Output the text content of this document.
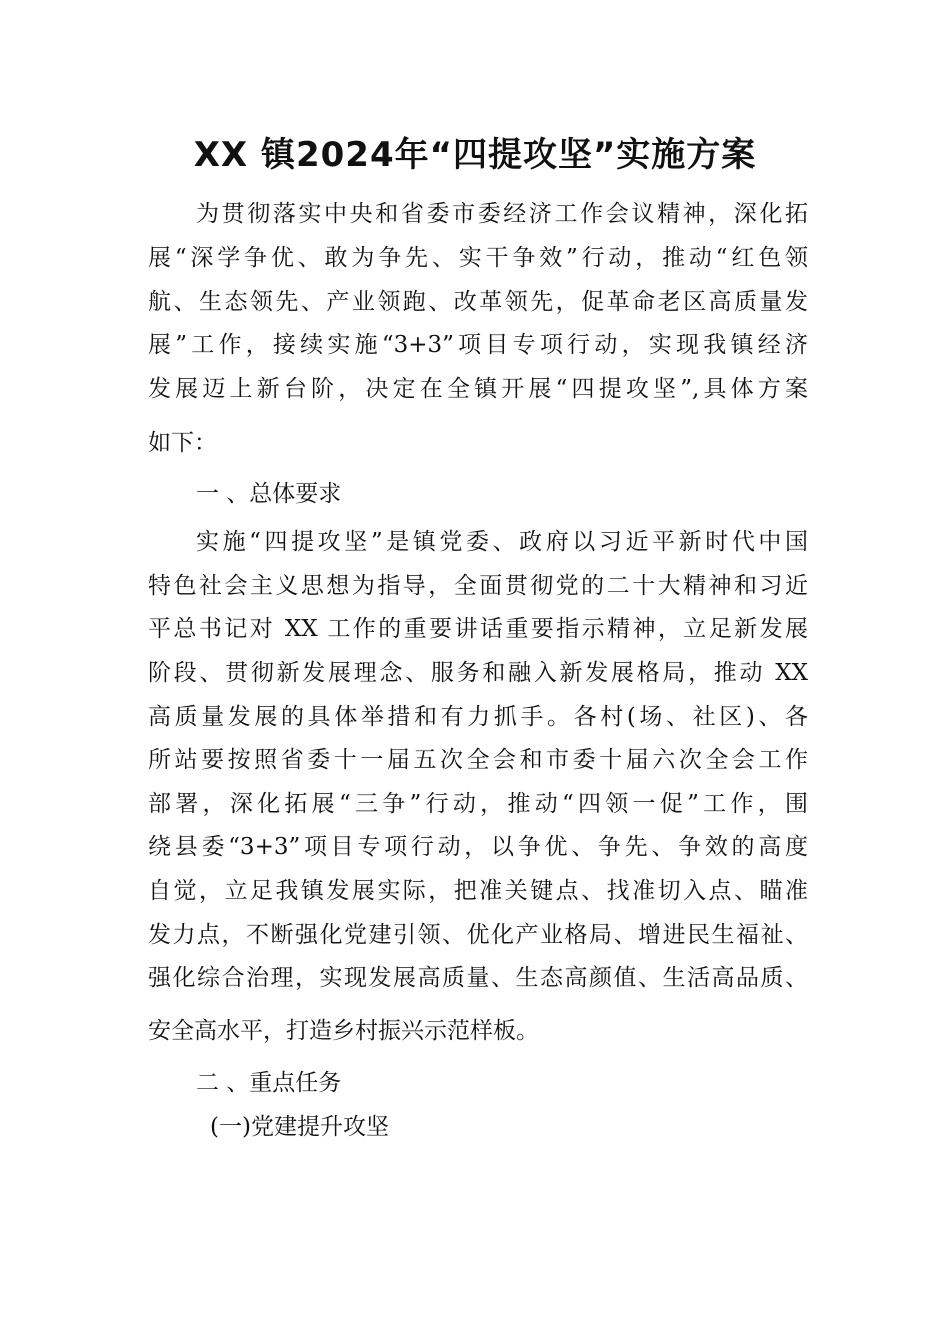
XX 镇2024年“四提攻坚”实施方案
为贯彻落实中央和省委市委经济工作会议精神，深化拓
展“深学争优、敢为争先、实干争效”行动，推动“红色领
航、生态领先、产业领跑、改革领先，促革命老区高质量发
展”工作，接续实施“3+3”项目专项行动，实现我镇经济
发展迈上新台阶，决定在全镇开展“四提攻坚”,具体方案
如下：
一 、总体要求
实施“四提攻坚”是镇党委、政府以习近平新时代中国
特色社会主义思想为指导，全面贯彻党的二十大精神和习近
平总书记对 XX 工作的重要讲话重要指示精神，立足新发展
阶段、贯彻新发展理念、服务和融入新发展格局，推动 XX
高质量发展的具体举措和有力抓手。各村(场、社区)、各
所站要按照省委十一届五次全会和市委十届六次全会工作
部署，深化拓展“三争”行动，推动“四领一促”工作，围
绕县委“3+3”项目专项行动，以争优、争先、争效的高度
自觉，立足我镇发展实际，把准关键点、找准切入点、瞄准
发力点，不断强化党建引领、优化产业格局、增进民生福祉、
强化综合治理，实现发展高质量、生态高颜值、生活高品质、
安全高水平，打造乡村振兴示范样板。
二 、重点任务
(一)党建提升攻坚
